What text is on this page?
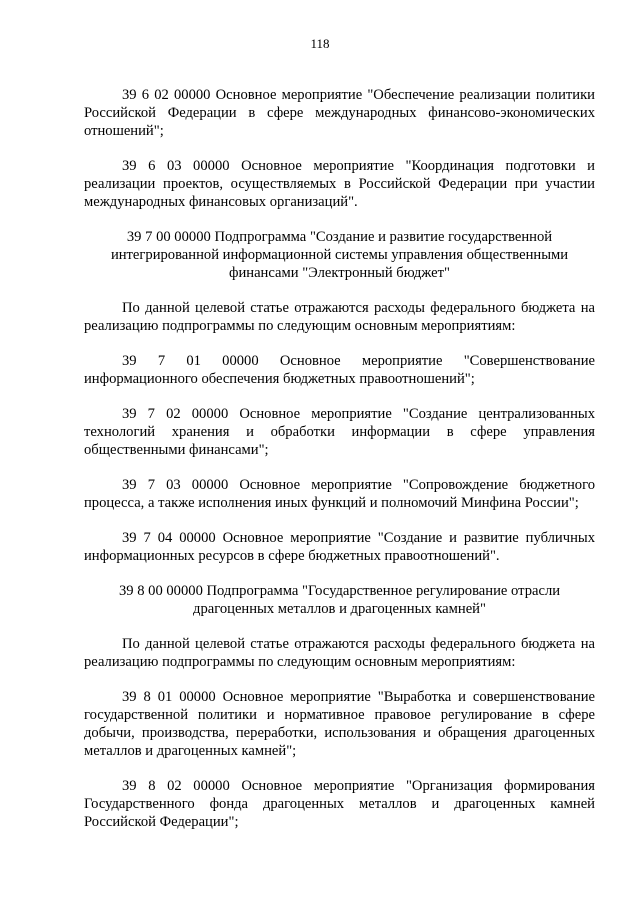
118

39 6 02 00000 Основное мероприятие "Обеспечение реализации политики Российской Федерации в сфере международных финансово-экономических отношений";

39 6 03 00000 Основное мероприятие "Координация подготовки и реализации проектов, осуществляемых в Российской Федерации при участии международных финансовых организаций".

39 7 00 00000 Подпрограмма "Создание и развитие государственной интегрированной информационной системы управления общественными финансами "Электронный бюджет"

По данной целевой статье отражаются расходы федерального бюджета на реализацию подпрограммы по следующим основным мероприятиям:

39 7 01 00000 Основное мероприятие "Совершенствование информационного обеспечения бюджетных правоотношений";

39 7 02 00000 Основное мероприятие "Создание централизованных технологий хранения и обработки информации в сфере управления общественными финансами";

39 7 03 00000 Основное мероприятие "Сопровождение бюджетного процесса, а также исполнения иных функций и полномочий Минфина России";

39 7 04 00000 Основное мероприятие "Создание и развитие публичных информационных ресурсов в сфере бюджетных правоотношений".

39 8 00 00000 Подпрограмма "Государственное регулирование отрасли драгоценных металлов и драгоценных камней"

По данной целевой статье отражаются расходы федерального бюджета на реализацию подпрограммы по следующим основным мероприятиям:

39 8 01 00000 Основное мероприятие "Выработка и совершенствование государственной политики и нормативное правовое регулирование в сфере добычи, производства, переработки, использования и обращения драгоценных металлов и драгоценных камней";

39 8 02 00000 Основное мероприятие "Организация формирования Государственного фонда драгоценных металлов и драгоценных камней Российской Федерации";
